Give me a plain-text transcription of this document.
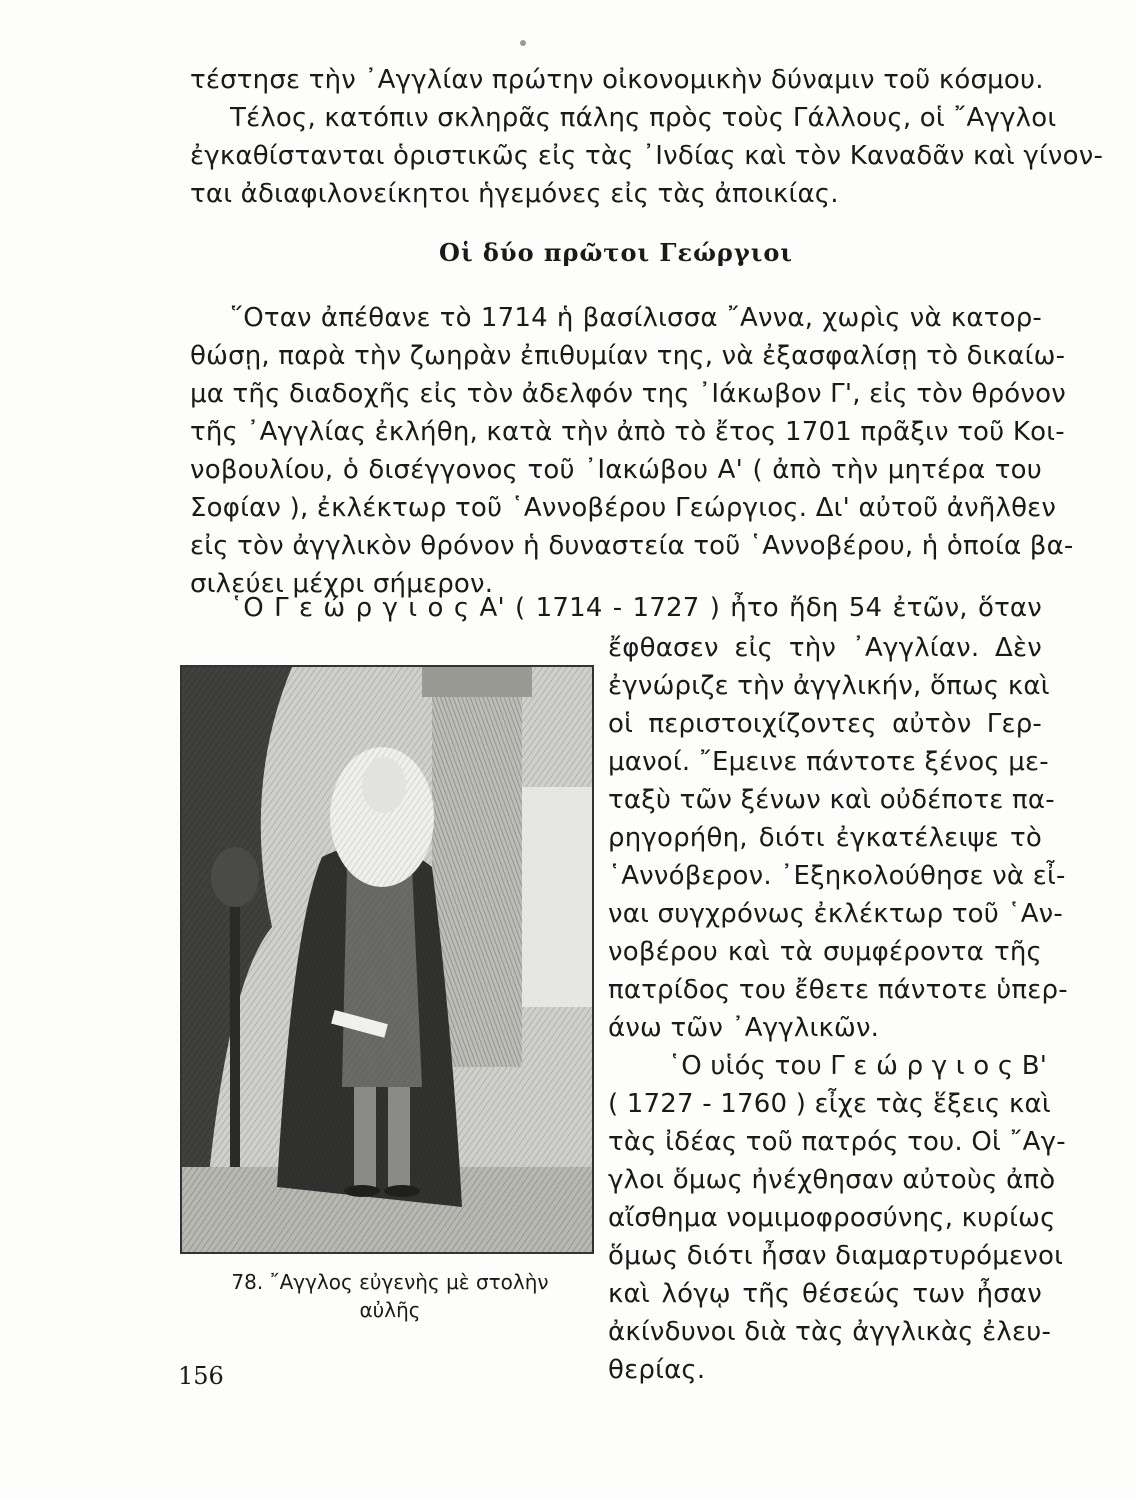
τέστησε τὴν ᾽Αγγλίαν πρώτην οἰκονομικὴν δύναμιν τοῦ κόσμου.
Τέλος, κατόπιν σκληρᾶς πάλης πρὸς τοὺς Γάλλους, οἱ ῎Αγγλοι
ἐγκαθίστανται ὁριστικῶς εἰς τὰς ᾽Ινδίας καὶ τὸν Καναδᾶν καὶ γίνον-
ται ἀδιαφιλονείκητοι ἡγεμόνες εἰς τὰς ἀποικίας.
Οἱ δύο πρῶτοι Γεώργιοι
῞Οταν ἀπέθανε τὸ 1714 ἡ βασίλισσα ῎Αννα, χωρὶς νὰ κατορ-
θώσῃ, παρὰ τὴν ζωηρὰν ἐπιθυμίαν της, νὰ ἐξασφαλίσῃ τὸ δικαίω-
μα τῆς διαδοχῆς εἰς τὸν ἀδελφόν της ᾽Ιάκωβον Γ', εἰς τὸν θρόνον
τῆς ᾽Αγγλίας ἐκλήθη, κατὰ τὴν ἀπὸ τὸ ἔτος 1701 πρᾶξιν τοῦ Κοι-
νοβουλίου, ὁ δισέγγονος τοῦ ᾽Ιακώβου Α' ( ἀπὸ τὴν μητέρα του
Σοφίαν ), ἐκλέκτωρ τοῦ ῾Αννοβέρου Γεώργιος. Δι' αὐτοῦ ἀνῆλθεν
εἰς τὸν ἀγγλικὸν θρόνον ἡ δυναστεία τοῦ ῾Αννοβέρου, ἡ ὁποία βα-
σιλεύει μέχρι σήμερον.
῾Ο Γ ε ώ ρ γ ι ο ς Α' ( 1714 - 1727 ) ἦτο ἤδη 54 ἐτῶν, ὅταν
ἔφθασεν εἰς τὴν ᾽Αγγλίαν. Δὲν
ἐγνώριζε τὴν ἀγγλικήν, ὅπως καὶ
οἱ περιστοιχίζοντες αὐτὸν Γερ-
μανοί. ῎Εμεινε πάντοτε ξένος με-
ταξὺ τῶν ξένων καὶ οὐδέποτε πα-
ρηγορήθη, διότι ἐγκατέλειψε τὸ
῾Αννόβερον. ᾽Εξηκολούθησε νὰ εἶ-
ναι συγχρόνως ἐκλέκτωρ τοῦ ῾Αν-
νοβέρου καὶ τὰ συμφέροντα τῆς
πατρίδος του ἔθετε πάντοτε ὑπερ-
άνω τῶν ᾽Αγγλικῶν.
῾Ο υἱός του Γ ε ώ ρ γ ι ο ς Β'
( 1727 - 1760 ) εἶχε τὰς ἕξεις καὶ
τὰς ἰδέας τοῦ πατρός του. Οἱ ῎Αγ-
γλοι ὅμως ἠνέχθησαν αὐτοὺς ἀπὸ
αἴσθημα νομιμοφροσύνης, κυρίως
ὅμως διότι ἦσαν διαμαρτυρόμενοι
καὶ λόγῳ τῆς θέσεώς των ἦσαν
ἀκίνδυνοι διὰ τὰς ἀγγλικὰς ἐλευ-
θερίας.
78. ῎Αγγλος εὐγενὴς μὲ στολὴν
αὐλῆς
156
